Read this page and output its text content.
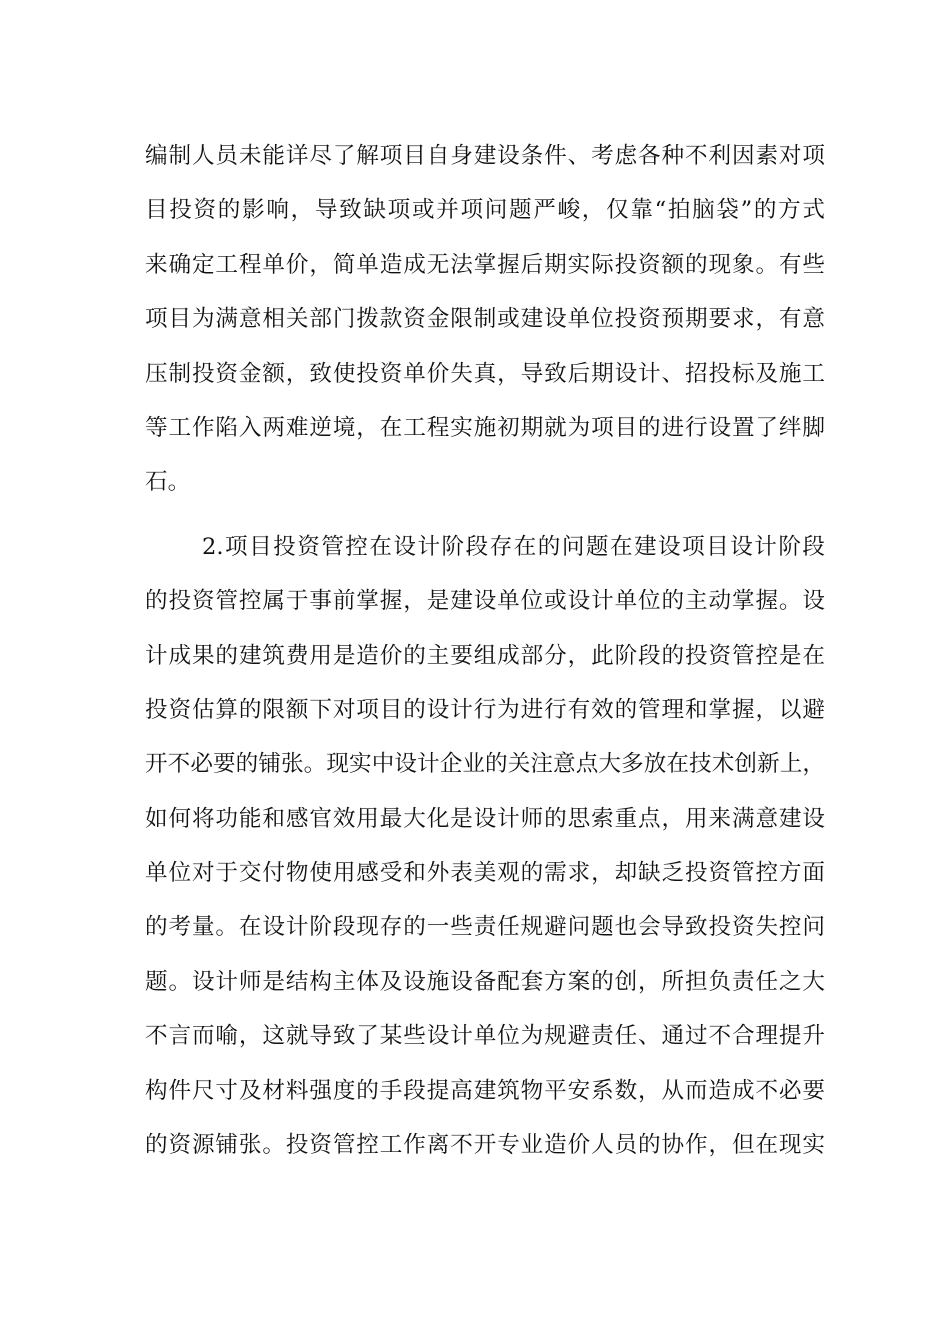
编制人员未能详尽了解项目自身建设条件、考虑各种不利因素对项
目投资的影响，导致缺项或并项问题严峻，仅靠“拍脑袋”的方式
来确定工程单价，简单造成无法掌握后期实际投资额的现象。有些
项目为满意相关部门拨款资金限制或建设单位投资预期要求，有意
压制投资金额，致使投资单价失真，导致后期设计、招投标及施工
等工作陷入两难逆境，在工程实施初期就为项目的进行设置了绊脚
石。
2.项目投资管控在设计阶段存在的问题在建设项目设计阶段
的投资管控属于事前掌握，是建设单位或设计单位的主动掌握。设
计成果的建筑费用是造价的主要组成部分，此阶段的投资管控是在
投资估算的限额下对项目的设计行为进行有效的管理和掌握，以避
开不必要的铺张。现实中设计企业的关注意点大多放在技术创新上，
如何将功能和感官效用最大化是设计师的思索重点，用来满意建设
单位对于交付物使用感受和外表美观的需求，却缺乏投资管控方面
的考量。在设计阶段现存的一些责任规避问题也会导致投资失控问
题。设计师是结构主体及设施设备配套方案的创，所担负责任之大
不言而喻，这就导致了某些设计单位为规避责任、通过不合理提升
构件尺寸及材料强度的手段提高建筑物平安系数，从而造成不必要
的资源铺张。投资管控工作离不开专业造价人员的协作，但在现实
